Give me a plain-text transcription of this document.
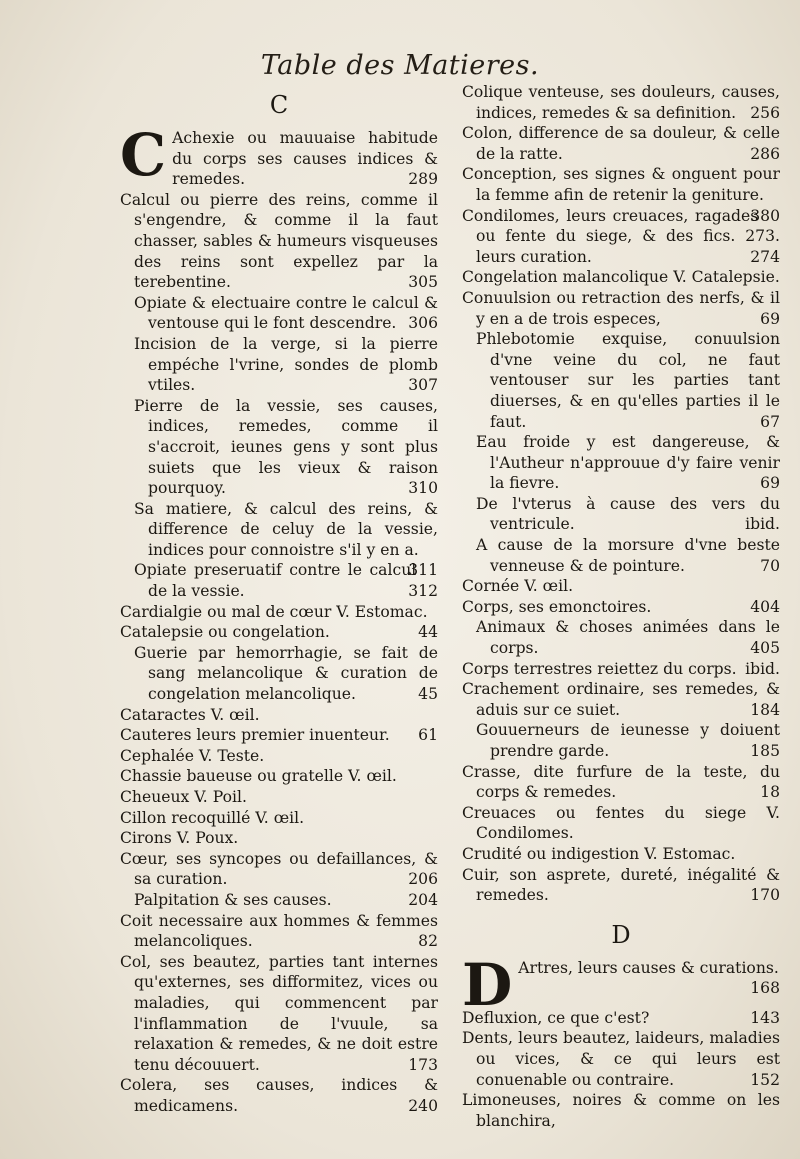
Table des Matieres.
C

C Achexie ou mauuaise habitude du corps ses causes indices & remedes.	289

Calcul ou pierre des reins, comme il s'engendre, & comme il la faut chasser, sables & humeurs visqueuses des reins sont expellez par la terebentine.	305

Opiate & electuaire contre le calcul & ventouse qui le font descendre. 306

Incision de la verge, si la pierre empéche l'vrine, sondes de plomb vtiles.	307

Pierre de la vessie, ses causes, indices, remedes, comme il s'accroit, ieunes gens y sont plus suiets que les vieux & raison pourquoy.	310

Sa matiere, & calcul des reins, & difference de celuy de la vessie, indices pour connoistre s'il y en a.
311

Opiate preseruatif contre le calcul de la vessie.	312

Cardialgie ou mal de cœur V. Estomac.

Catalepsie ou congelation.	44

Guerie par hemorrhagie, se fait de sang melancolique & curation de congelation melancolique.	45

Cataractes V. œil.

Cauteres leurs premier inuenteur. 61

Cephalée V. Teste.

Chassie baueuse ou gratelle V. œil.

Cheueux V. Poil.

Cillon recoquillé V. œil.

Cirons V. Poux.

Cœur, ses syncopes ou defaillances, & sa curation.	206

Palpitation & ses causes.	204

Coit necessaire aux hommes & femmes melancoliques.	82

Col, ses beautez, parties tant internes qu'externes, ses difformitez, vices ou maladies, qui commencent par l'inflammation de l'vuule, sa relaxation & remedes, & ne doit estre tenu découuert.	173

Colera, ses causes, indices & medicamens.	240

Colique venteuse, ses douleurs, causes, indices, remedes & sa definition. 256

Colon, difference de sa douleur, & celle de la ratte.	286

Conception, ses signes & onguent pour la femme afin de retenir la geniture.
380

Condilomes, leurs creuaces, ragades ou fente du siege, & des fics. 273. leurs curation.	274

Congelation malancolique V. Catalepsie.

Conuulsion ou retraction des nerfs, & il y en a de trois especes,	69

Phlebotomie exquise, conuulsion d'vne veine du col, ne faut ventouser sur les parties tant diuerses, & en qu'elles parties il le faut.	67

Eau froide y est dangereuse, & l'Autheur n'approuue d'y faire venir la fievre.	69

De l'vterus à cause des vers du ventricule.	ibid.

A cause de la morsure d'vne beste venneuse & de pointure.	70

Cornée V. œil.

Corps, ses emonctoires.	404

Animaux & choses animées dans le corps.	405

Corps terrestres reiettez du corps. ibid.

Crachement ordinaire, ses remedes, & aduis sur ce suiet.	184

Gouuerneurs de ieunesse y doiuent prendre garde.	185

Crasse, dite furfure de la teste, du corps & remedes.	18

Creuaces ou fentes du siege V. Condilomes.

Crudité ou indigestion V. Estomac.

Cuir, son asprete, dureté, inégalité & remedes.	170

D

D Artres, leurs causes & curations.
168

Defluxion, ce que c'est?	143

Dents, leurs beautez, laideurs, maladies ou vices, & ce qui leurs est conuenable ou contraire.	152

Limoneuses, noires & comme on les blanchira,
